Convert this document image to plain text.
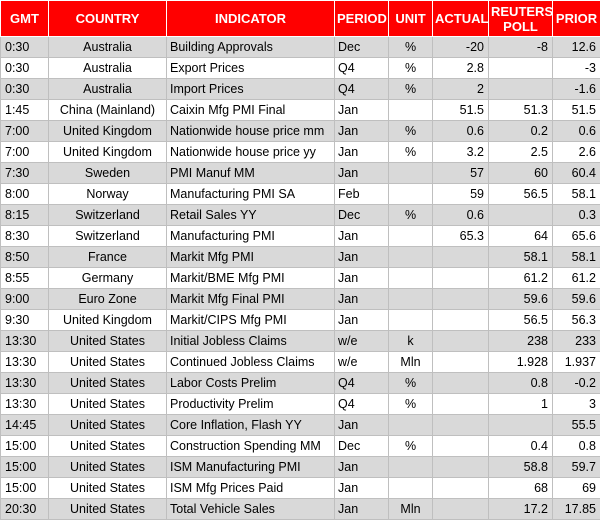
GMT	COUNTRY	INDICATOR	PERIOD	UNIT	ACTUAL	REUTERS POLL	PRIOR
0:30	Australia	Building Approvals	Dec	%	-20	-8	12.6
0:30	Australia	Export Prices	Q4	%	2.8		-3
0:30	Australia	Import Prices	Q4	%	2		-1.6
1:45	China (Mainland)	Caixin Mfg PMI Final	Jan		51.5	51.3	51.5
7:00	United Kingdom	Nationwide house price mm	Jan	%	0.6	0.2	0.6
7:00	United Kingdom	Nationwide house price yy	Jan	%	3.2	2.5	2.6
7:30	Sweden	PMI Manuf MM	Jan		57	60	60.4
8:00	Norway	Manufacturing PMI SA	Feb		59	56.5	58.1
8:15	Switzerland	Retail Sales YY	Dec	%	0.6		0.3
8:30	Switzerland	Manufacturing PMI	Jan		65.3	64	65.6
8:50	France	Markit Mfg PMI	Jan			58.1	58.1
8:55	Germany	Markit/BME Mfg PMI	Jan			61.2	61.2
9:00	Euro Zone	Markit Mfg Final PMI	Jan			59.6	59.6
9:30	United Kingdom	Markit/CIPS Mfg PMI	Jan			56.5	56.3
13:30	United States	Initial Jobless Claims	w/e	k		238	233
13:30	United States	Continued Jobless Claims	w/e	Mln		1.928	1.937
13:30	United States	Labor Costs Prelim	Q4	%		0.8	-0.2
13:30	United States	Productivity Prelim	Q4	%		1	3
14:45	United States	Core Inflation, Flash YY	Jan				55.5
15:00	United States	Construction Spending MM	Dec	%		0.4	0.8
15:00	United States	ISM Manufacturing PMI	Jan			58.8	59.7
15:00	United States	ISM Mfg Prices Paid	Jan			68	69
20:30	United States	Total Vehicle Sales	Jan	Mln		17.2	17.85
